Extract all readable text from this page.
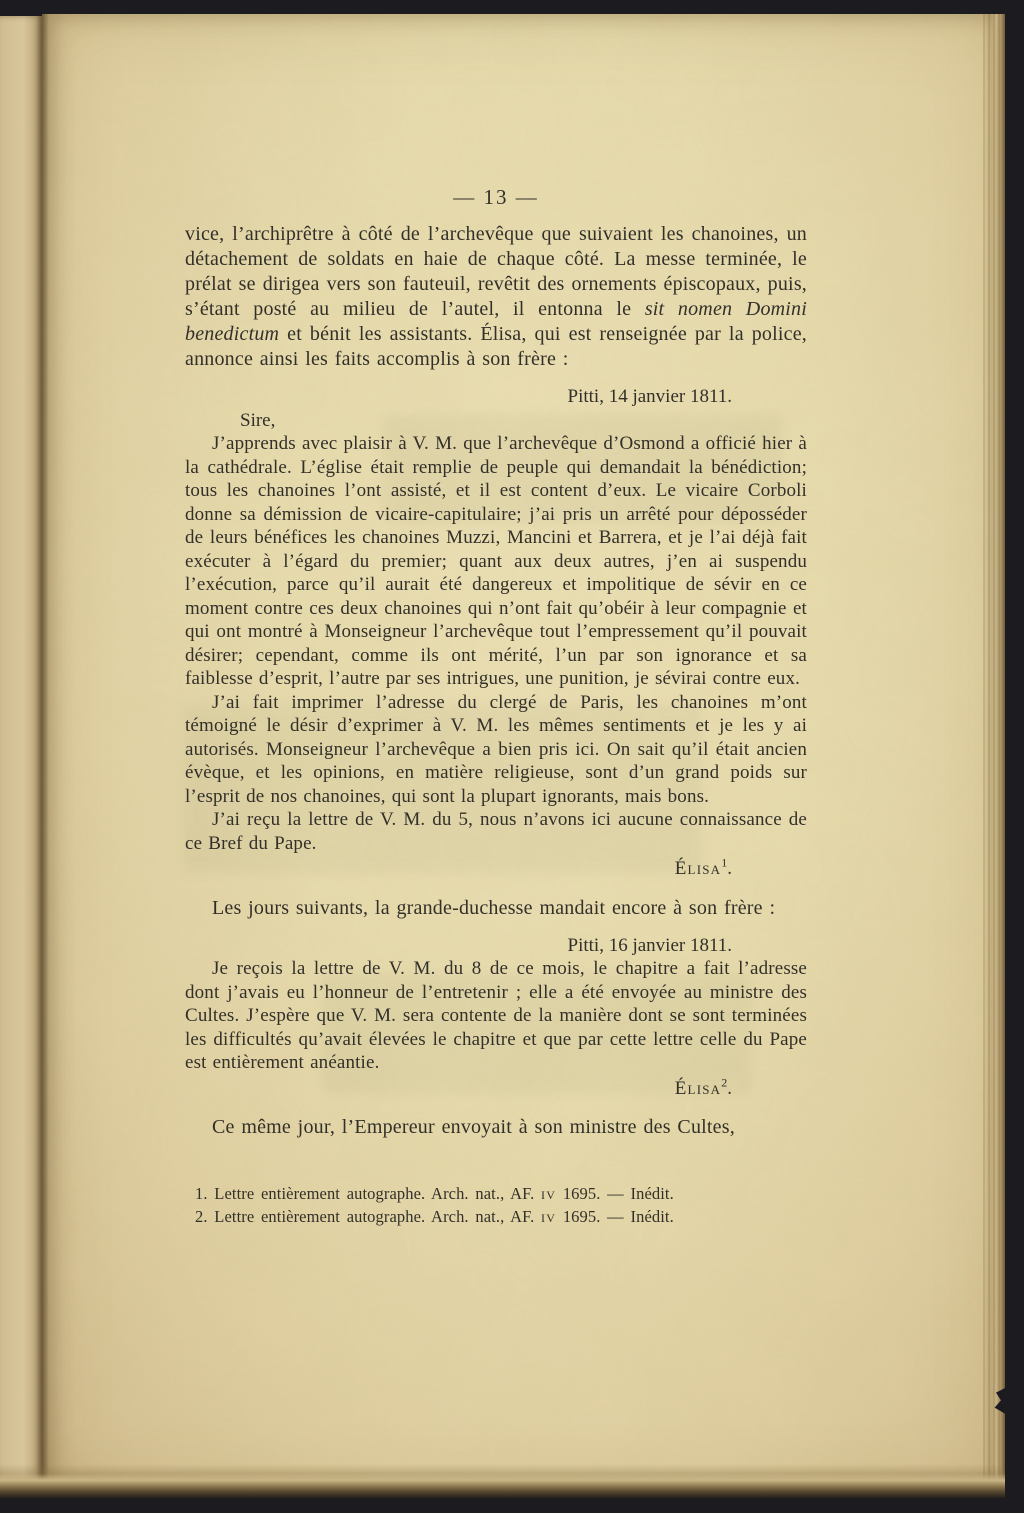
— 13 —

vice, l’archiprêtre à côté de l’archevêque que suivaient les chanoines, un détachement de soldats en haie de chaque côté. La messe terminée, le prélat se dirigea vers son fauteuil, revêtit des ornements épiscopaux, puis, s’étant posté au milieu de l’autel, il entonna le sit nomen Domini benedictum et bénit les assistants. Élisa, qui est renseignée par la police, annonce ainsi les faits accomplis à son frère :

Pitti, 14 janvier 1811.
Sire,

J’apprends avec plaisir à V. M. que l’archevêque d’Osmond a officié hier à la cathédrale. L’église était remplie de peuple qui demandait la bénédiction; tous les chanoines l’ont assisté, et il est content d’eux. Le vicaire Corboli donne sa démission de vicaire-capitulaire; j’ai pris un arrêté pour déposséder de leurs bénéfices les chanoines Muzzi, Mancini et Barrera, et je l’ai déjà fait exécuter à l’égard du premier; quant aux deux autres, j’en ai suspendu l’exécution, parce qu’il aurait été dangereux et impolitique de sévir en ce moment contre ces deux chanoines qui n’ont fait qu’obéir à leur compagnie et qui ont montré à Monseigneur l’archevêque tout l’empressement qu’il pouvait désirer; cependant, comme ils ont mérité, l’un par son ignorance et sa faiblesse d’esprit, l’autre par ses intrigues, une punition, je sévirai contre eux.

J’ai fait imprimer l’adresse du clergé de Paris, les chanoines m’ont témoigné le désir d’exprimer à V. M. les mêmes sentiments et je les y ai autorisés. Monseigneur l’archevêque a bien pris ici. On sait qu’il était ancien évèque, et les opinions, en matière religieuse, sont d’un grand poids sur l’esprit de nos chanoines, qui sont la plupart ignorants, mais bons.

J’ai reçu la lettre de V. M. du 5, nous n’avons ici aucune connaissance de ce Bref du Pape.

Élisa$^1$.

Les jours suivants, la grande-duchesse mandait encore à son frère :

Pitti, 16 janvier 1811.

Je reçois la lettre de V. M. du 8 de ce mois, le chapitre a fait l’adresse dont j’avais eu l’honneur de l’entretenir ; elle a été envoyée au ministre des Cultes. J’espère que V. M. sera contente de la manière dont se sont terminées les difficultés qu’avait élevées le chapitre et que par cette lettre celle du Pape est entièrement anéantie.

Élisa$^2$.

Ce même jour, l’Empereur envoyait à son ministre des Cultes,

1. Lettre entièrement autographe. Arch. nat., AF. iv 1695. — Inédit.
2. Lettre entièrement autographe. Arch. nat., AF. iv 1695. — Inédit.
